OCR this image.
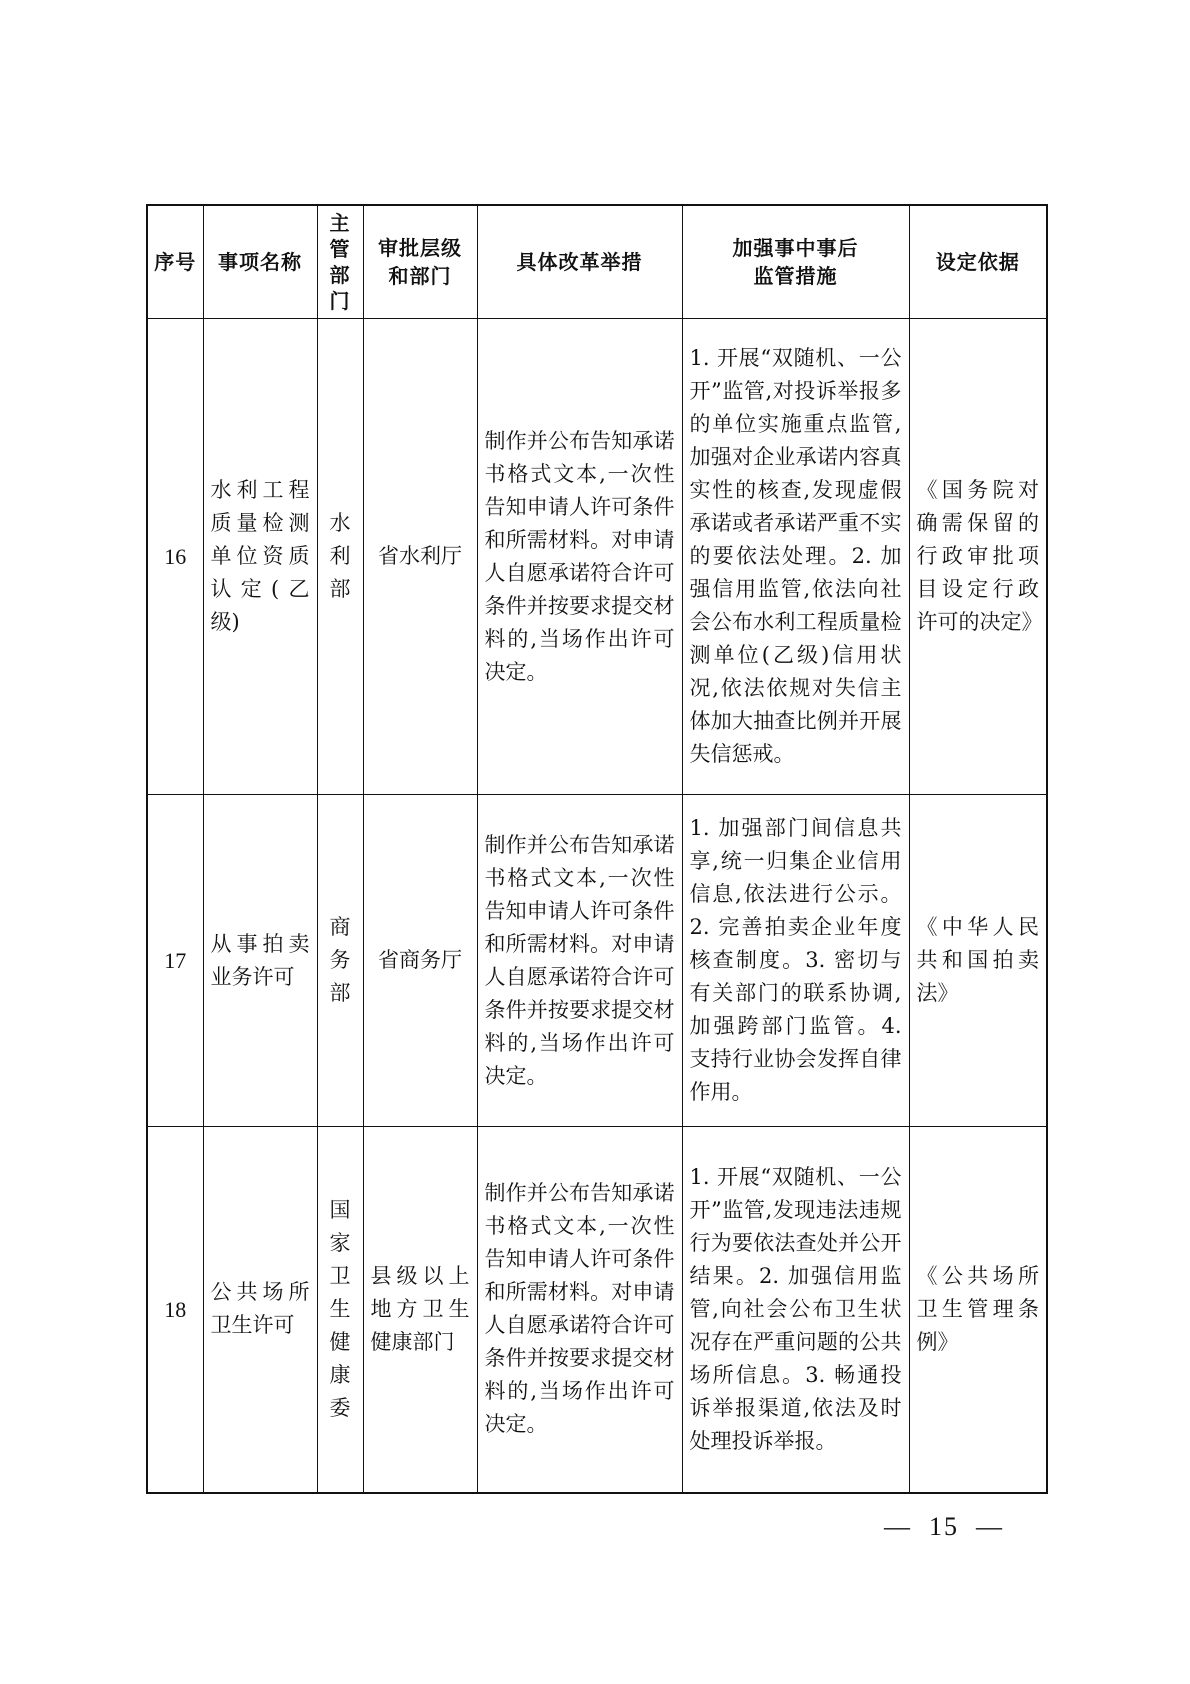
序号	事项名称	主管部门	审批层级和部门	具体改革举措	加强事中事后监管措施	设定依据
16	水利工程质量检测单位资质认定(乙级)	水利部	省水利厅	制作并公布告知承诺书格式文本,一次性告知申请人许可条件和所需材料。对申请人自愿承诺符合许可条件并按要求提交材料的,当场作出许可决定。	1. 开展“双随机、一公开”监管,对投诉举报多的单位实施重点监管,加强对企业承诺内容真实性的核查,发现虚假承诺或者承诺严重不实的要依法处理。2. 加强信用监管,依法向社会公布水利工程质量检测单位(乙级)信用状况,依法依规对失信主体加大抽查比例并开展失信惩戒。	《国务院对确需保留的行政审批项目设定行政许可的决定》

17	从事拍卖业务许可	商务部	省商务厅	制作并公布告知承诺书格式文本,一次性告知申请人许可条件和所需材料。对申请人自愿承诺符合许可条件并按要求提交材料的,当场作出许可决定。	1. 加强部门间信息共享,统一归集企业信用信息,依法进行公示。2. 完善拍卖企业年度核查制度。3. 密切与有关部门的联系协调,加强跨部门监管。4. 支持行业协会发挥自律作用。	《中华人民共和国拍卖法》

18	公共场所卫生许可	国家卫生健康委	县级以上地方卫生健康部门	制作并公布告知承诺书格式文本,一次性告知申请人许可条件和所需材料。对申请人自愿承诺符合许可条件并按要求提交材料的,当场作出许可决定。	1. 开展“双随机、一公开”监管,发现违法违规行为要依法查处并公开结果。2. 加强信用监管,向社会公布卫生状况存在严重问题的公共场所信息。3. 畅通投诉举报渠道,依法及时处理投诉举报。	《公共场所卫生管理条例》
—  15  —
